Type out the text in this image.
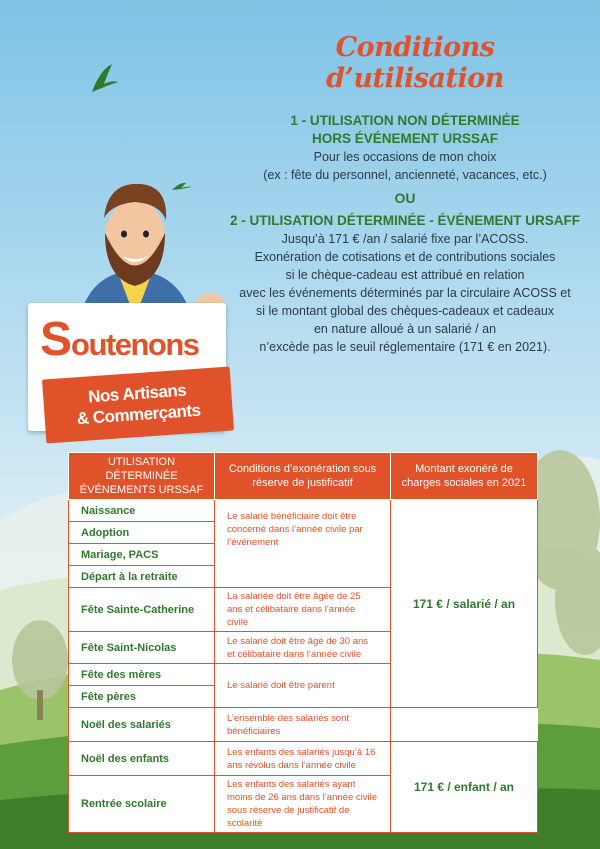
Conditions d’utilisation
1 - UTILISATION NON DÉTERMINÉE
HORS ÉVÉNEMENT URSSAF
Pour les occasions de mon choix
(ex : fête du personnel, ancienneté, vacances, etc.)
OU
2 - UTILISATION DÉTERMINÉE - ÉVÉNEMENT URSAFF
Jusqu’à 171 € /an / salarié fixe par l’ACOSS.
Exonération de cotisations et de contributions sociales
si le chèque-cadeau est attribué en relation
avec les événements déterminés par la circulaire ACOSS et
si le montant global des chèques-cadeaux et cadeaux
en nature alloué à un salarié / an
n’excède pas le seuil réglementaire (171 € en 2021).
Soutenons
Nos Artisans
& Commerçants
UTILISATION DÉTERMINÉE ÉVÉNEMENTS URSSAF	Conditions d’exonération sous réserve de justificatif	Montant exonéré de charges sociales en 2021
Naissance	Le salarié bénéficiaire doit être concerné dans l’année civile par l’événement	171 € / salarié / an
Adoption		
Mariage, PACS		
Départ à la retraite		
Fête Sainte-Catherine	La salariée doit être âgée de 25 ans et célibataire dans l’année civile	
Fête Saint-Nicolas	Le salarié doit être âgé de 30 ans et célibataire dans l’année civile	
Fête des mères	Le salarié doit être parent	
Fête pères		
Noël des salariés	L’ensemble des salariés sont bénéficiaires	
Noël des enfants	Les enfants des salariés jusqu’à 16 ans révolus dans l’année civile	171 € / enfant / an
Rentrée scolaire	Les enfants des salariés ayant moins de 26 ans dans l’année civile sous réserve de justificatif de scolarité	
